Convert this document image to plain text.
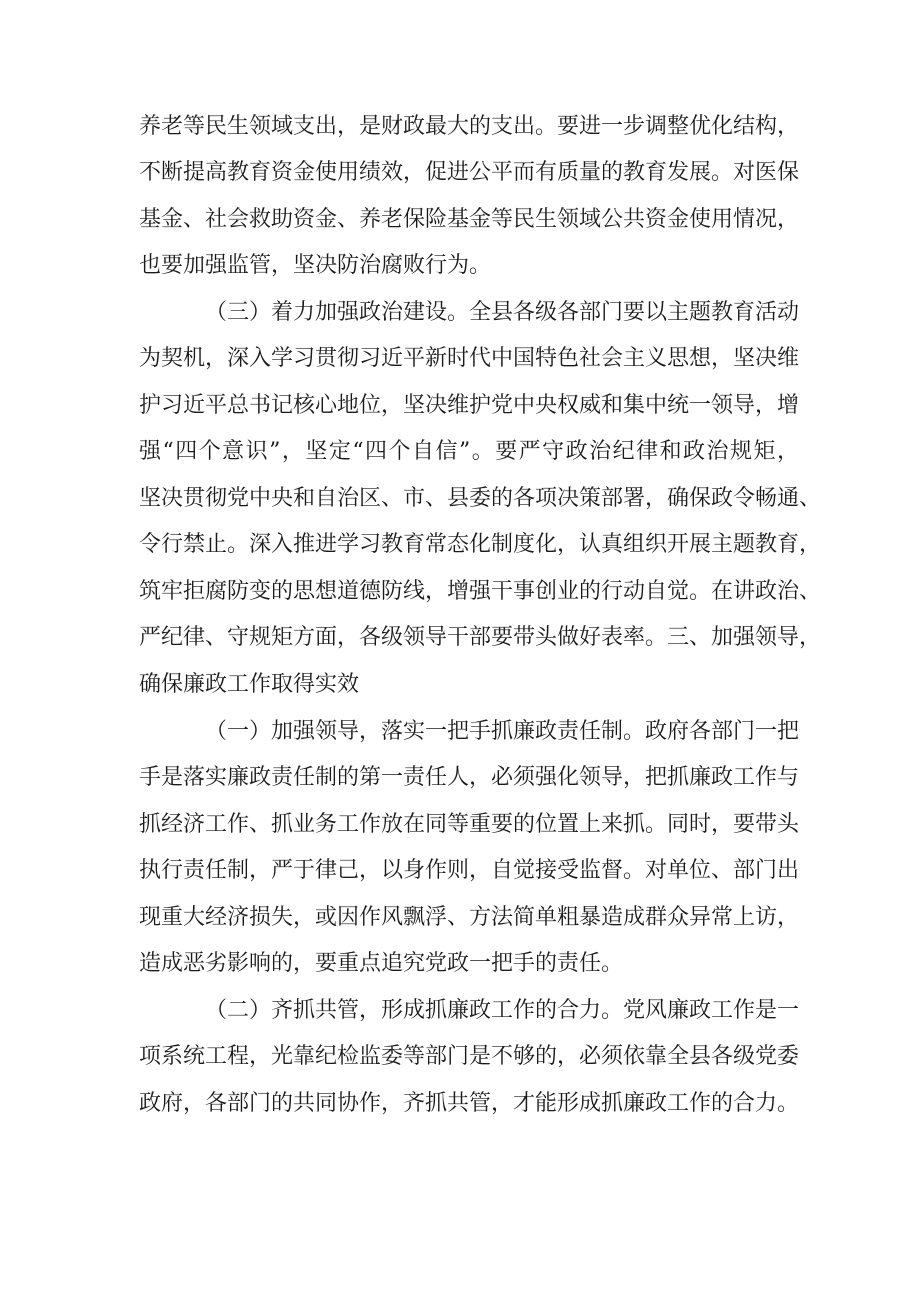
养老等民生领域支出，是财政最大的支出。要进一步调整优化结构，
不断提高教育资金使用绩效，促进公平而有质量的教育发展。对医保
基金、社会救助资金、养老保险基金等民生领域公共资金使用情况，
也要加强监管，坚决防治腐败行为。
（三）着力加强政治建设。全县各级各部门要以主题教育活动
为契机，深入学习贯彻习近平新时代中国特色社会主义思想，坚决维
护习近平总书记核心地位，坚决维护党中央权威和集中统一领导，增
强“四个意识”，坚定“四个自信”。要严守政治纪律和政治规矩，
坚决贯彻党中央和自治区、市、县委的各项决策部署，确保政令畅通、
令行禁止。深入推进学习教育常态化制度化，认真组织开展主题教育，
筑牢拒腐防变的思想道德防线，增强干事创业的行动自觉。在讲政治、
严纪律、守规矩方面，各级领导干部要带头做好表率。三、加强领导，
确保廉政工作取得实效
（一）加强领导，落实一把手抓廉政责任制。政府各部门一把
手是落实廉政责任制的第一责任人，必须强化领导，把抓廉政工作与
抓经济工作、抓业务工作放在同等重要的位置上来抓。同时，要带头
执行责任制，严于律己，以身作则，自觉接受监督。对单位、部门出
现重大经济损失，或因作风飘浮、方法简单粗暴造成群众异常上访，
造成恶劣影响的，要重点追究党政一把手的责任。
（二）齐抓共管，形成抓廉政工作的合力。党风廉政工作是一
项系统工程，光靠纪检监委等部门是不够的，必须依靠全县各级党委
政府，各部门的共同协作，齐抓共管，才能形成抓廉政工作的合力。
